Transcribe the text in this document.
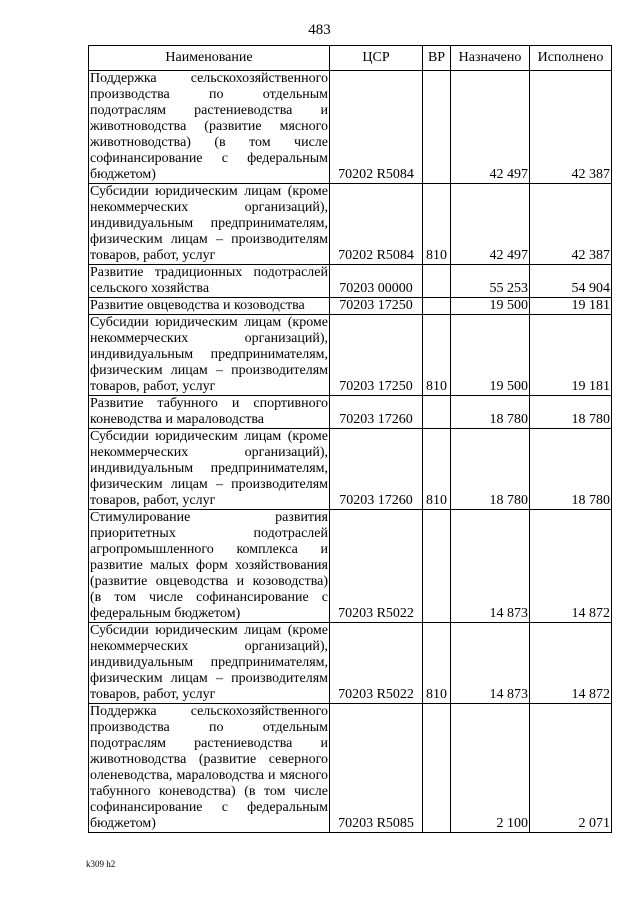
483
Наименование	ЦСР	ВР	Назначено	Исполнено
Поддержка сельскохозяйственного производства по отдельным подотраслям растениеводства и животноводства (развитие мясного животноводства) (в том числе софинансирование с федеральным бюджетом)	70202 R5084		42 497	42 387
Субсидии юридическим лицам (кроме некоммерческих организаций), индивидуальным предпринимателям, физическим лицам – производителям товаров, работ, услуг	70202 R5084	810	42 497	42 387
Развитие традиционных подотраслей сельского хозяйства	70203 00000		55 253	54 904
Развитие овцеводства и козоводства	70203 17250		19 500	19 181
Субсидии юридическим лицам (кроме некоммерческих организаций), индивидуальным предпринимателям, физическим лицам – производителям товаров, работ, услуг	70203 17250	810	19 500	19 181
Развитие табунного и спортивного коневодства и мараловодства	70203 17260		18 780	18 780
Субсидии юридическим лицам (кроме некоммерческих организаций), индивидуальным предпринимателям, физическим лицам – производителям товаров, работ, услуг	70203 17260	810	18 780	18 780
Стимулирование развития приоритетных подотраслей агропромышленного комплекса и развитие малых форм хозяйствования (развитие овцеводства и козоводства) (в том числе софинансирование с федеральным бюджетом)	70203 R5022		14 873	14 872
Субсидии юридическим лицам (кроме некоммерческих организаций), индивидуальным предпринимателям, физическим лицам – производителям товаров, работ, услуг	70203 R5022	810	14 873	14 872
Поддержка сельскохозяйственного производства по отдельным подотраслям растениеводства и животноводства (развитие северного оленеводства, мараловодства и мясного табунного коневодства) (в том числе софинансирование с федеральным бюджетом)	70203 R5085		2 100	2 071
k309 h2
